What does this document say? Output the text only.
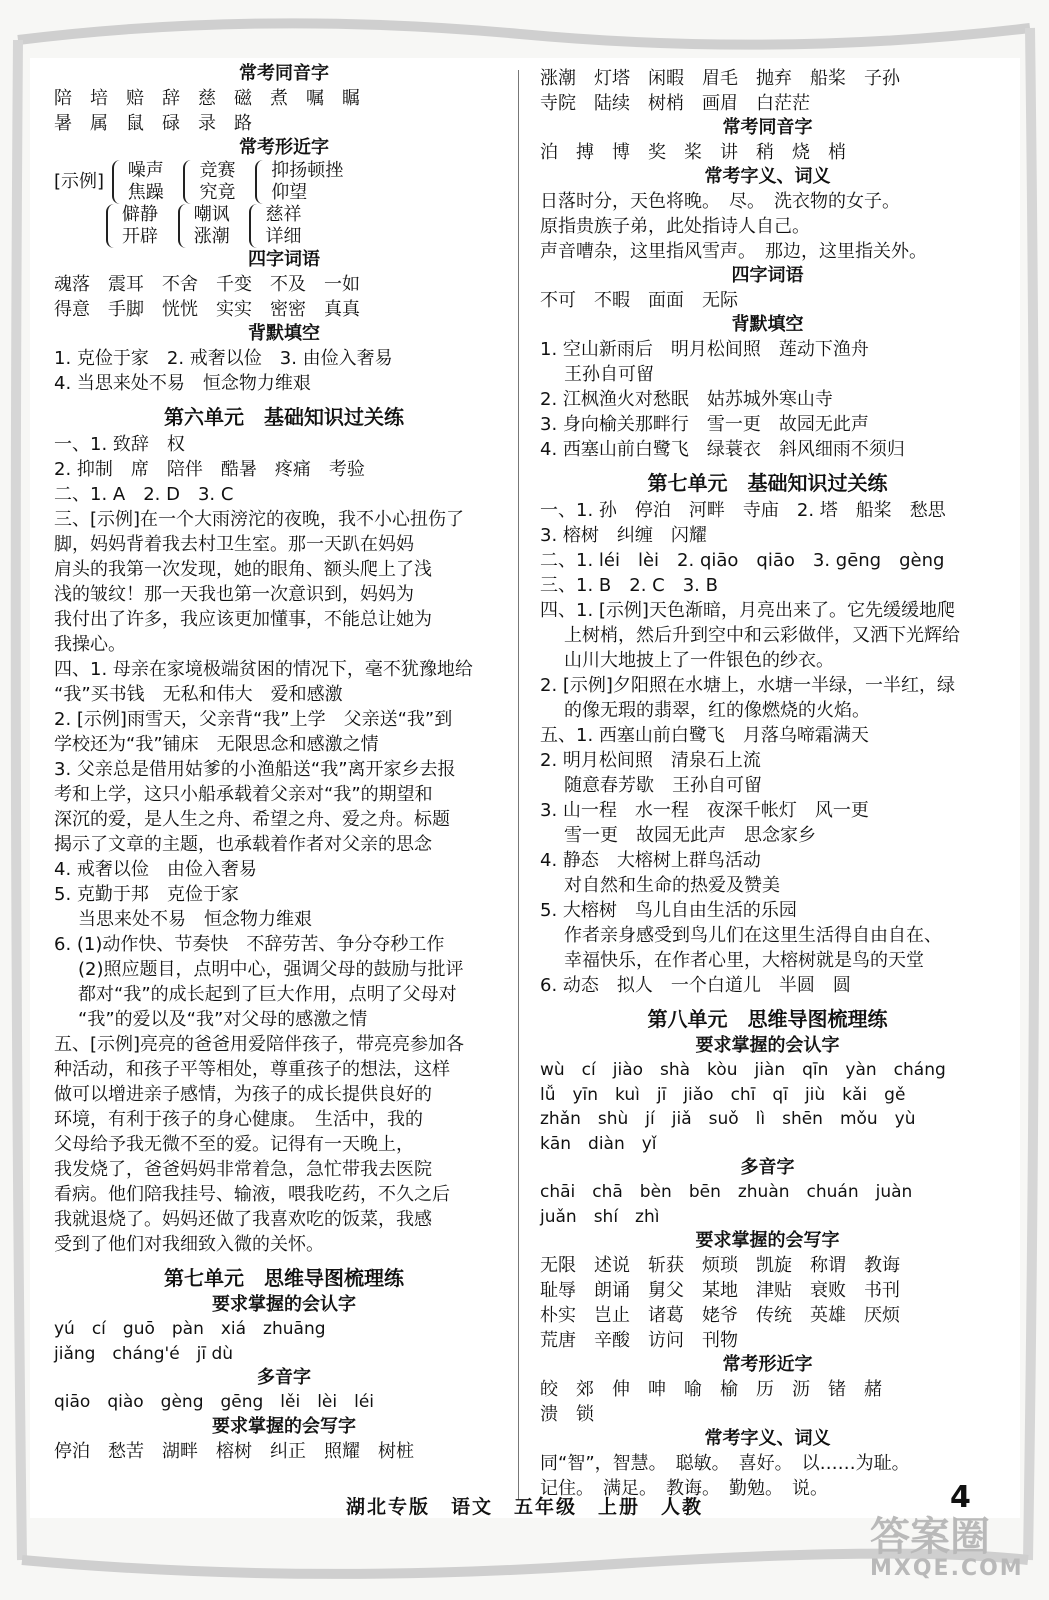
常考同音字
陪　培　赔　辞　慈　磁　煮　嘱　瞩
暑　属　鼠　碌　录　路
常考形近字
[示例]
噪声
焦躁

竞赛
究竟

抑扬顿挫
仰望
僻静
开辟

嘲讽
涨潮

慈祥
详细
四字词语
魂落　震耳　不舍　千变　不及　一如
得意　手脚　恍恍　实实　密密　真真
背默填空
1. 克俭于家　2. 戒奢以俭　3. 由俭入奢易
4. 当思来处不易　恒念物力维艰
第六单元　基础知识过关练
一、1. 致辞　权
2. 抑制　席　陪伴　酷暑　疼痛　考验
二、1. A　2. D　3. C
三、[示例]在一个大雨滂沱的夜晚，我不小心扭伤了
脚，妈妈背着我去村卫生室。那一天趴在妈妈
肩头的我第一次发现，她的眼角、额头爬上了浅
浅的皱纹！那一天我也第一次意识到，妈妈为
我付出了许多，我应该更加懂事，不能总让她为
我操心。
四、1. 母亲在家境极端贫困的情况下，毫不犹豫地给
“我”买书钱　无私和伟大　爱和感激
2. [示例]雨雪天，父亲背“我”上学　父亲送“我”到
学校还为“我”铺床　无限思念和感激之情
3. 父亲总是借用姑爹的小渔船送“我”离开家乡去报
考和上学，这只小船承载着父亲对“我”的期望和
深沉的爱，是人生之舟、希望之舟、爱之舟。标题
揭示了文章的主题，也承载着作者对父亲的思念
4. 戒奢以俭　由俭入奢易
5. 克勤于邦　克俭于家
当思来处不易　恒念物力维艰
6. (1)动作快、节奏快　不辞劳苦、争分夺秒工作
(2)照应题目，点明中心，强调父母的鼓励与批评
都对“我”的成长起到了巨大作用，点明了父母对
“我”的爱以及“我”对父母的感激之情
五、[示例]亮亮的爸爸用爱陪伴孩子，带亮亮参加各
种活动，和孩子平等相处，尊重孩子的想法，这样
做可以增进亲子感情，为孩子的成长提供良好的
环境，有利于孩子的身心健康。　生活中，我的
父母给予我无微不至的爱。记得有一天晚上，
我发烧了，爸爸妈妈非常着急，急忙带我去医院
看病。他们陪我挂号、输液，喂我吃药，不久之后
我就退烧了。妈妈还做了我喜欢吃的饭菜，我感
受到了他们对我细致入微的关怀。
第七单元　思维导图梳理练
要求掌握的会认字
yú　cí　guō　pàn　xiá　zhuāng
jiǎng　cháng'é　jī dù
多音字
qiāo　qiào　gèng　gēng　lěi　lèi　léi
要求掌握的会写字
停泊　愁苦　湖畔　榕树　纠正　照耀　树桩
涨潮　灯塔　闲暇　眉毛　抛弃　船桨　子孙
寺院　陆续　树梢　画眉　白茫茫
常考同音字
泊　搏　博　奖　桨　讲　稍　烧　梢
常考字义、词义
日落时分，天色将晚。　尽。　洗衣物的女子。
原指贵族子弟，此处指诗人自己。
声音嘈杂，这里指风雪声。　那边，这里指关外。
四字词语
不可　不暇　面面　无际
背默填空
1. 空山新雨后　明月松间照　莲动下渔舟
王孙自可留
2. 江枫渔火对愁眠　姑苏城外寒山寺
3. 身向榆关那畔行　雪一更　故园无此声
4. 西塞山前白鹭飞　绿蓑衣　斜风细雨不须归
第七单元　基础知识过关练
一、1. 孙　停泊　河畔　寺庙　2. 塔　船桨　愁思
3. 榕树　纠缠　闪耀
二、1. léi　lèi　2. qiāo　qiāo　3. gēng　gèng
三、1. B　2. C　3. B
四、1. [示例]天色渐暗，月亮出来了。它先缓缓地爬
上树梢，然后升到空中和云彩做伴，又洒下光辉给
山川大地披上了一件银色的纱衣。
2. [示例]夕阳照在水塘上，水塘一半绿，一半红，绿
的像无瑕的翡翠，红的像燃烧的火焰。
五、1. 西塞山前白鹭飞　月落乌啼霜满天
2. 明月松间照　清泉石上流
随意春芳歇　王孙自可留
3. 山一程　水一程　夜深千帐灯　风一更
雪一更　故园无此声　思念家乡
4. 静态　大榕树上群鸟活动
对自然和生命的热爱及赞美
5. 大榕树　鸟儿自由生活的乐园
作者亲身感受到鸟儿们在这里生活得自由自在、
幸福快乐，在作者心里，大榕树就是鸟的天堂
6. 动态　拟人　一个白道儿　半圆　圆
第八单元　思维导图梳理练
要求掌握的会认字
wù　cí　jiào　shà　kòu　jiàn　qīn　yàn　cháng
lǚ　yīn　kuì　jī　jiǎo　chī　qī　jiù　kǎi　gě
zhǎn　shù　jí　jiǎ　suǒ　lì　shēn　mǒu　yù
kān　diàn　yǐ
多音字
chāi　chā　bèn　bēn　zhuàn　chuán　juàn
juǎn　shí　zhì
要求掌握的会写字
无限　述说　斩获　烦琐　凯旋　称谓　教诲
耻辱　朗诵　舅父　某地　津贴　衰败　书刊
朴实　岂止　诸葛　姥爷　传统　英雄　厌烦
荒唐　辛酸　访问　刊物
常考形近字
皎　郊　伸　呻　喻　榆　历　沥　锗　赭
溃　锁
常考字义、词义
同“智”，智慧。　聪敏。　喜好。　以……为耻。
记住。　满足。　教诲。　勤勉。　说。
湖北专版　语文　五年级　上册　人教	4
答案圈
MXQE.COM
